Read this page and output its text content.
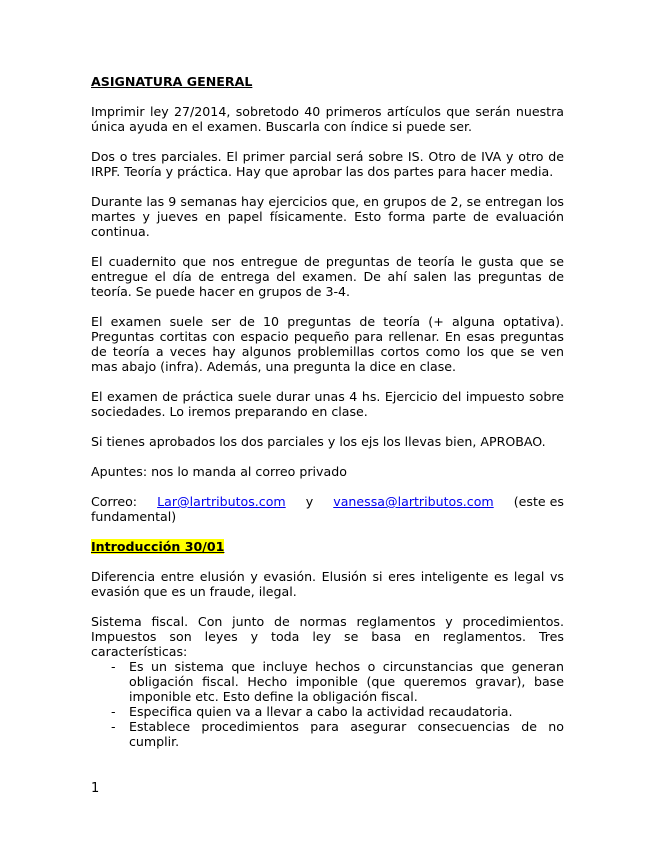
ASIGNATURA GENERAL

Imprimir ley 27/2014, sobretodo 40 primeros artículos que serán nuestra única ayuda en el examen. Buscarla con índice si puede ser.

Dos o tres parciales. El primer parcial será sobre IS. Otro de IVA y otro de IRPF. Teoría y práctica. Hay que aprobar las dos partes para hacer media.

Durante las 9 semanas hay ejercicios que, en grupos de 2, se entregan los martes y jueves en papel físicamente. Esto forma parte de evaluación continua.

El cuadernito que nos entregue de preguntas de teoría le gusta que se entregue el día de entrega del examen. De ahí salen las preguntas de teoría. Se puede hacer en grupos de 3-4.

El examen suele ser de 10 preguntas de teoría (+ alguna optativa). Preguntas cortitas con espacio pequeño para rellenar. En esas preguntas de teoría a veces hay algunos problemillas cortos como los que se ven mas abajo (infra). Además, una pregunta la dice en clase.

El examen de práctica suele durar unas 4 hs. Ejercicio del impuesto sobre sociedades. Lo iremos preparando en clase.

Si tienes aprobados los dos parciales y los ejs los llevas bien, APROBAO.

Apuntes: nos lo manda al correo privado

Correo: Lar@lartributos.com y vanessa@lartributos.com (este es
fundamental)

Introducción 30/01

Diferencia entre elusión y evasión. Elusión si eres inteligente es legal vs evasión que es un fraude, ilegal.

Sistema fiscal. Con junto de normas reglamentos y procedimientos. Impuestos son leyes y toda ley se basa en reglamentos. Tres características:

- Es un sistema que incluye hechos o circunstancias que generan obligación fiscal. Hecho imponible (que queremos gravar), base imponible etc. Esto define la obligación fiscal.
- Especifica quien va a llevar a cabo la actividad recaudatoria.
- Establece procedimientos para asegurar consecuencias de no cumplir.
1
